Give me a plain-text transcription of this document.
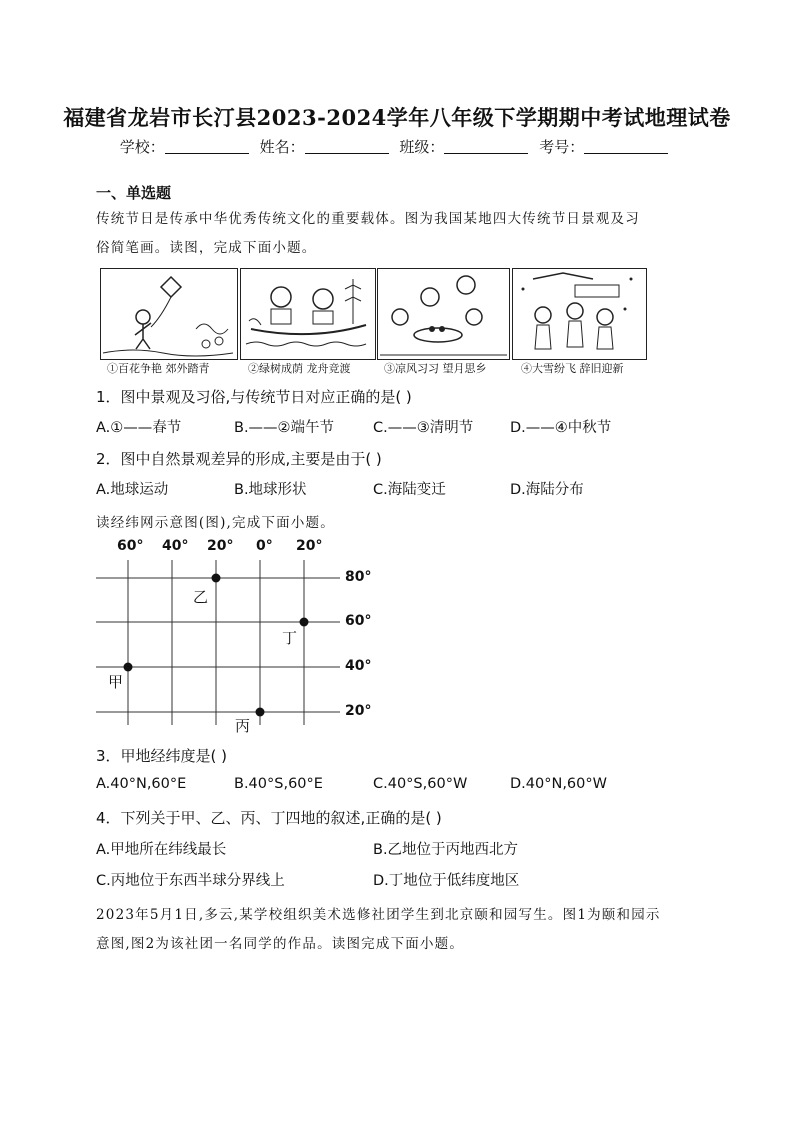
福建省龙岩市长汀县2023-2024学年八年级下学期期中考试地理试卷
学校：	姓名：	班级：	考号：
一、单选题
传统节日是传承中华优秀传统文化的重要载体。图为我国某地四大传统节日景观及习
俗简笔画。读图，完成下面小题。
①百花争艳 郊外踏青	②绿树成荫 龙舟竞渡	③凉风习习 望月思乡	④大雪纷飞 辞旧迎新
1．图中景观及习俗,与传统节日对应正确的是( )
A.①——春节	B.——②端午节	C.——③清明节	D.——④中秋节
2．图中自然景观差异的形成,主要是由于( )
A.地球运动	B.地球形状	C.海陆变迁	D.海陆分布
读经纬网示意图(图),完成下面小题。
60° 40° 20° 0° 20°
80°
60°
40°
20°
甲
乙
丙
丁
3．甲地经纬度是( )
A.40°N,60°E	B.40°S,60°E	C.40°S,60°W	D.40°N,60°W
4．下列关于甲、乙、丙、丁四地的叙述,正确的是( )
A.甲地所在纬线最长	B.乙地位于丙地西北方
C.丙地位于东西半球分界线上	D.丁地位于低纬度地区
2023年5月1日,多云,某学校组织美术选修社团学生到北京颐和园写生。图1为颐和园示
意图,图2为该社团一名同学的作品。读图完成下面小题。
